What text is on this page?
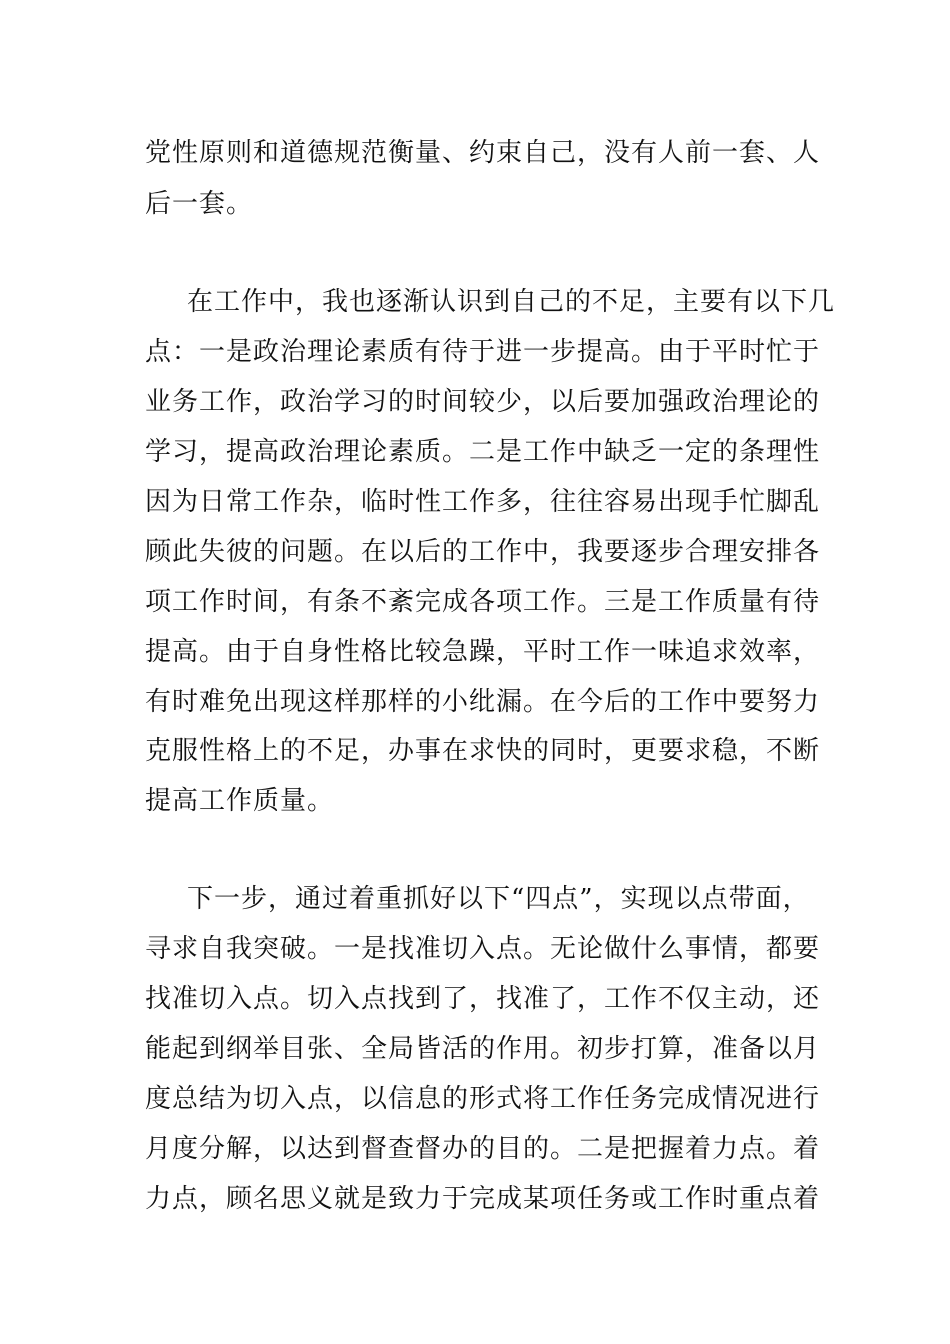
党性原则和道德规范衡量、约束自己，没有人前一套、人
后一套。
在工作中，我也逐渐认识到自己的不足，主要有以下几
点：一是政治理论素质有待于进一步提高。由于平时忙于
业务工作，政治学习的时间较少，以后要加强政治理论的
学习，提高政治理论素质。二是工作中缺乏一定的条理性
因为日常工作杂，临时性工作多，往往容易出现手忙脚乱
顾此失彼的问题。在以后的工作中，我要逐步合理安排各
项工作时间，有条不紊完成各项工作。三是工作质量有待
提高。由于自身性格比较急躁，平时工作一味追求效率，
有时难免出现这样那样的小纰漏。在今后的工作中要努力
克服性格上的不足，办事在求快的同时，更要求稳，不断
提高工作质量。
下一步，通过着重抓好以下“四点”，实现以点带面，
寻求自我突破。一是找准切入点。无论做什么事情，都要
找准切入点。切入点找到了，找准了，工作不仅主动，还
能起到纲举目张、全局皆活的作用。初步打算，准备以月
度总结为切入点，以信息的形式将工作任务完成情况进行
月度分解，以达到督查督办的目的。二是把握着力点。着
力点，顾名思义就是致力于完成某项任务或工作时重点着
